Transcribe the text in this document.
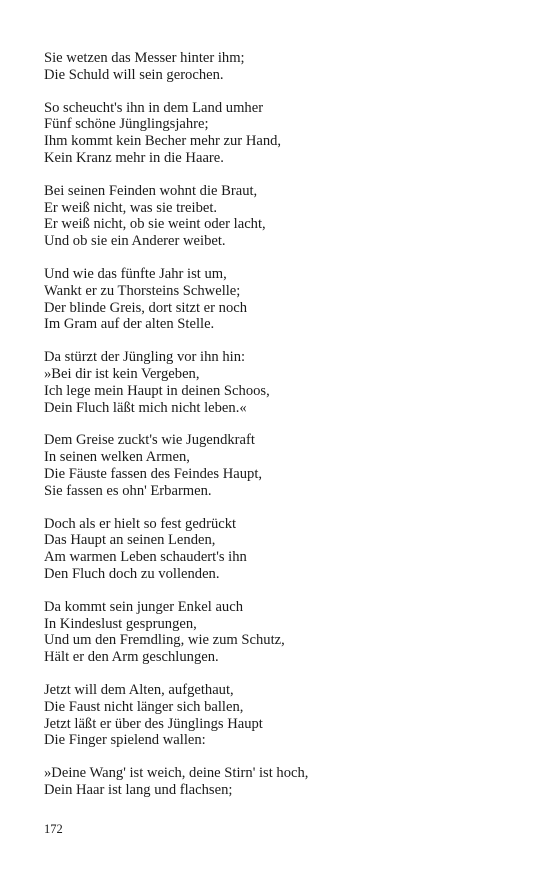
Sie wetzen das Messer hinter ihm;
Die Schuld will sein gerochen.
So scheucht's ihn in dem Land umher
Fünf schöne Jünglingsjahre;
Ihm kommt kein Becher mehr zur Hand,
Kein Kranz mehr in die Haare.
Bei seinen Feinden wohnt die Braut,
Er weiß nicht, was sie treibet.
Er weiß nicht, ob sie weint oder lacht,
Und ob sie ein Anderer weibet.
Und wie das fünfte Jahr ist um,
Wankt er zu Thorsteins Schwelle;
Der blinde Greis, dort sitzt er noch
Im Gram auf der alten Stelle.
Da stürzt der Jüngling vor ihn hin:
»Bei dir ist kein Vergeben,
Ich lege mein Haupt in deinen Schoos,
Dein Fluch läßt mich nicht leben.«
Dem Greise zuckt's wie Jugendkraft
In seinen welken Armen,
Die Fäuste fassen des Feindes Haupt,
Sie fassen es ohn' Erbarmen.
Doch als er hielt so fest gedrückt
Das Haupt an seinen Lenden,
Am warmen Leben schaudert's ihn
Den Fluch doch zu vollenden.
Da kommt sein junger Enkel auch
In Kindeslust gesprungen,
Und um den Fremdling, wie zum Schutz,
Hält er den Arm geschlungen.
Jetzt will dem Alten, aufgethaut,
Die Faust nicht länger sich ballen,
Jetzt läßt er über des Jünglings Haupt
Die Finger spielend wallen:
»Deine Wang' ist weich, deine Stirn' ist hoch,
Dein Haar ist lang und flachsen;
172
